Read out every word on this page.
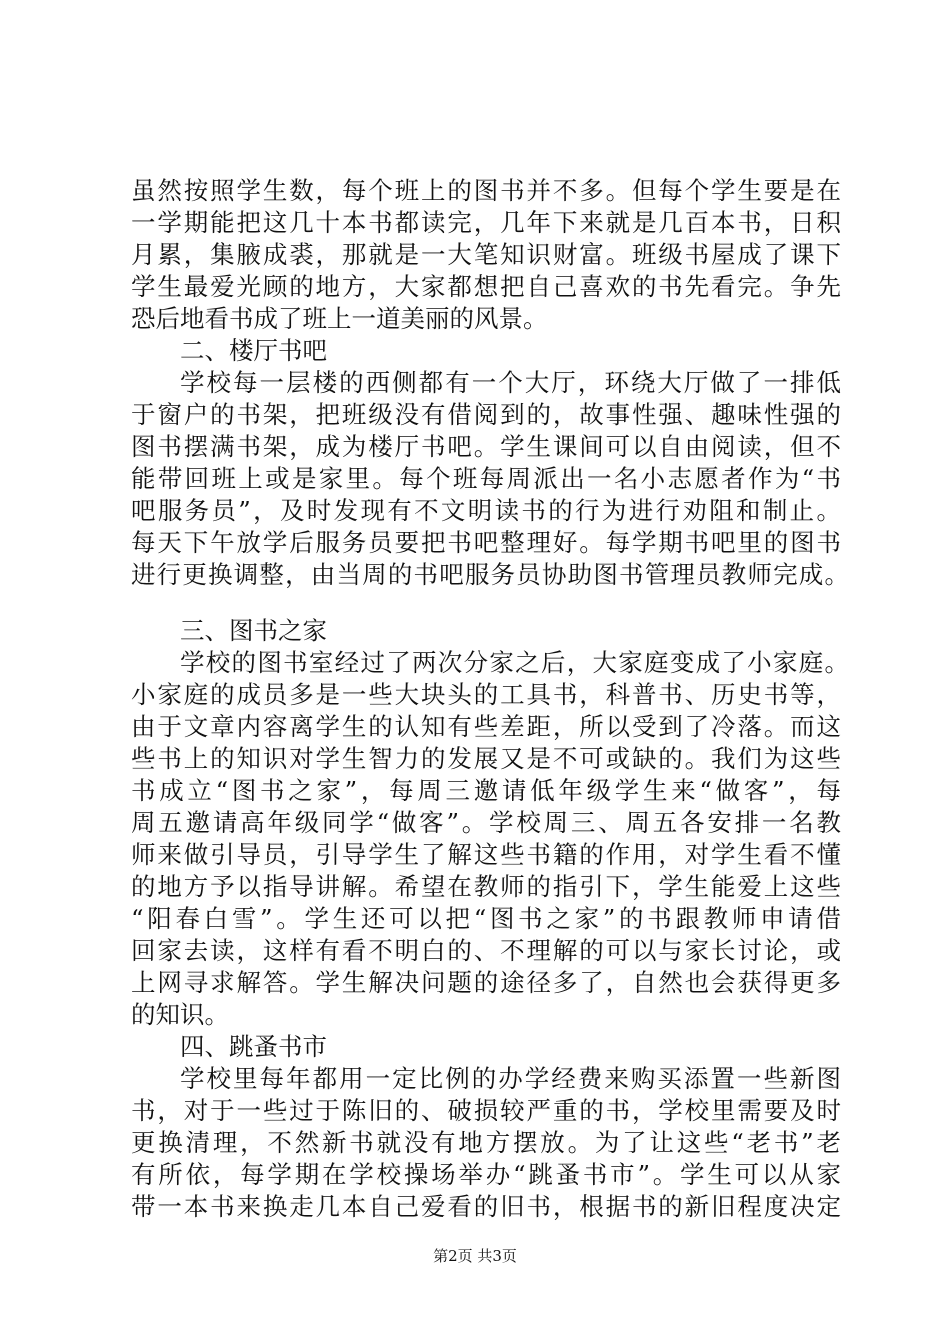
虽然按照学生数，每个班上的图书并不多。但每个学生要是在
一学期能把这几十本书都读完，几年下来就是几百本书，日积
月累，集腋成裘，那就是一大笔知识财富。班级书屋成了课下
学生最爱光顾的地方，大家都想把自己喜欢的书先看完。争先
恐后地看书成了班上一道美丽的风景。
二、楼厅书吧
学校每一层楼的西侧都有一个大厅，环绕大厅做了一排低
于窗户的书架，把班级没有借阅到的，故事性强、趣味性强的
图书摆满书架，成为楼厅书吧。学生课间可以自由阅读，但不
能带回班上或是家里。每个班每周派出一名小志愿者作为“书
吧服务员”，及时发现有不文明读书的行为进行劝阻和制止。
每天下午放学后服务员要把书吧整理好。每学期书吧里的图书
进行更换调整，由当周的书吧服务员协助图书管理员教师完成。
三、图书之家
学校的图书室经过了两次分家之后，大家庭变成了小家庭。
小家庭的成员多是一些大块头的工具书，科普书、历史书等，
由于文章内容离学生的认知有些差距，所以受到了冷落。而这
些书上的知识对学生智力的发展又是不可或缺的。我们为这些
书成立“图书之家”，每周三邀请低年级学生来“做客”，每
周五邀请高年级同学“做客”。学校周三、周五各安排一名教
师来做引导员，引导学生了解这些书籍的作用，对学生看不懂
的地方予以指导讲解。希望在教师的指引下，学生能爱上这些
“阳春白雪”。学生还可以把“图书之家”的书跟教师申请借
回家去读，这样有看不明白的、不理解的可以与家长讨论，或
上网寻求解答。学生解决问题的途径多了，自然也会获得更多
的知识。
四、跳蚤书市
学校里每年都用一定比例的办学经费来购买添置一些新图
书，对于一些过于陈旧的、破损较严重的书，学校里需要及时
更换清理，不然新书就没有地方摆放。为了让这些“老书”老
有所依，每学期在学校操场举办“跳蚤书市”。学生可以从家
带一本书来换走几本自己爱看的旧书，根据书的新旧程度决定
第2页 共3页
